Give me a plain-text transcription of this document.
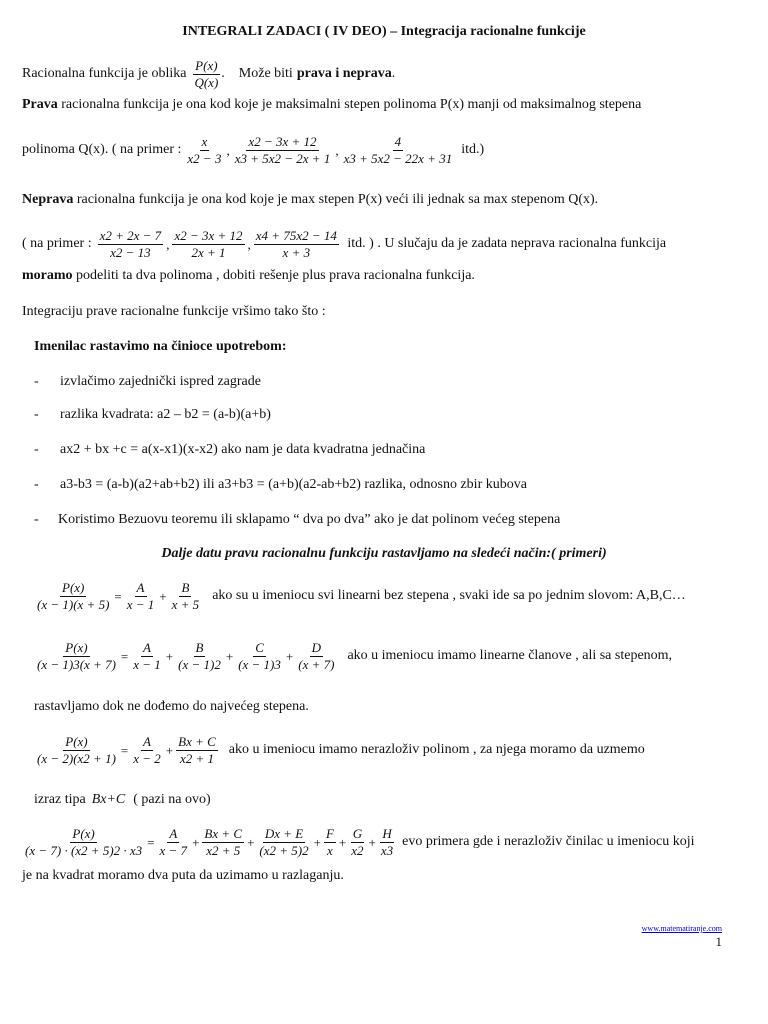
INTEGRALI ZADACI ( IV DEO) – Integracija racionalne funkcije
Racionalna funkcija je oblika $\frac{P(x)}{Q(x)}$ .    Može biti prava i neprava .
Prava racionalna funkcija je ona kod koje je maksimalni stepen polinoma P(x) manji od maksimalnog stepena
polinoma Q(x). ( na primer : $\frac{x}{x2 - 3}$ , $\frac{x2 - 3x + 12}{x3 + 5x2 - 2x + 1}$ , $\frac{4}{x3 + 5x2 - 22x + 31} itd$.)
Neprava racionalna funkcija je ona kod koje je max stepen P(x) veći ili jednak sa max stepenom Q(x).
( na primer : $\frac{x2 + 2x - 7}{x2 - 13}$ , $\frac{x2 - 3x + 12}{2x + 1}$ , $\frac{x4 + 75x2 - 14}{x + 3}$ itd. ) . U slučaju da je zadata neprava racionalna funkcija
moramo podeliti ta dva polinoma , dobiti rešenje plus prava racionalna funkcija.
Integraciju prave racionalne funkcije vršimo tako što :
Imenilac rastavimo na činioce upotrebom:
-	izvlačimo zajednički ispred zagrade
-	razlika kvadrata: a2 – b2 = (a-b)(a+b)
-	ax2 + bx +c = a(x-x1)(x-x2) ako nam je data kvadratna jednačina
-	a3-b3 = (a-b)(a2+ab+b2) ili a3+b3 = (a+b)(a2-ab+b2) razlika, odnosno zbir kubova
-	Koristimo Bezuovu teoremu ili sklapamo “ dva po dva” ako je dat polinom većeg stepena
Dalje datu pravu racionalnu funkciju rastavljamo na sledeći način:( primeri)
$\frac{P(x)}{(x - 1)(x + 5)} = \frac{A}{x - 1} + \frac{B}{x + 5}$ ako su u imeniocu svi linearni bez stepena , svaki ide sa po jednim slovom: A,B,C…
$\frac{P(x)}{(x - 1)3(x + 7)} = \frac{A}{x - 1} + \frac{B}{(x - 1)2} + \frac{C}{(x - 1)3} + \frac{D}{(x + 7)}$ ako u imeniocu imamo linearne članove , ali sa stepenom,
rastavljamo dok ne dođemo do najvećeg stepena.
$\frac{P(x)}{(x - 2)(x2 + 1)} = \frac{A}{x - 2} + \frac{Bx + C}{x2 + 1}$ ako u imeniocu imamo nerazloživ polinom , za njega moramo da uzmemo
izraz tipa Bx+C ( pazi na ovo)
$\frac{P(x)}{(x - 7) \cdot (x2 + 5)2 \cdot x3} = \frac{A}{x - 7} + \frac{Bx + C}{x2 + 5} + \frac{Dx + E}{(x2 + 5)2} + \frac{F}{x} + \frac{G}{x2} + \frac{H}{x3}$ evo primera gde i nerazloživ činilac u imeniocu koji
je na kvadrat moramo dva puta da uzimamo u razlaganju.
www.matematiranje.com
1
